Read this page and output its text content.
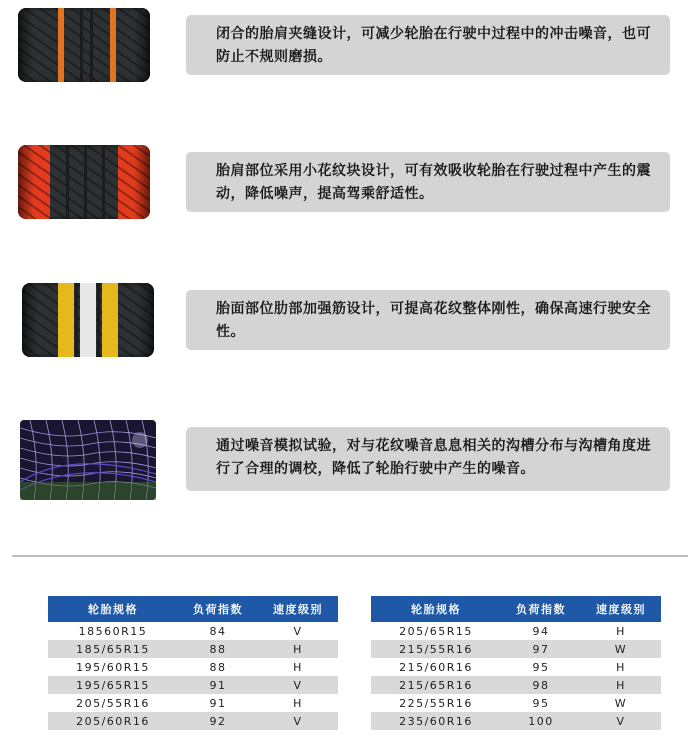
闭合的胎肩夹缝设计，可减少轮胎在行驶中过程中的冲击噪音，也可防止不规则磨损。
胎肩部位采用小花纹块设计，可有效吸收轮胎在行驶过程中产生的震动，降低噪声，提高驾乘舒适性。
胎面部位肋部加强筋设计，可提高花纹整体刚性，确保高速行驶安全性。
通过噪音模拟试验，对与花纹噪音息息相关的沟槽分布与沟槽角度进行了合理的调校，降低了轮胎行驶中产生的噪音。
轮胎规格	负荷指数	速度级别
18560R15	84	V
185/65R15	88	H
195/60R15	88	H
195/65R15	91	V
205/55R16	91	H
205/60R16	92	V
轮胎规格	负荷指数	速度级别
205/65R15	94	H
215/55R16	97	W
215/60R16	95	H
215/65R16	98	H
225/55R16	95	W
235/60R16	100	V
